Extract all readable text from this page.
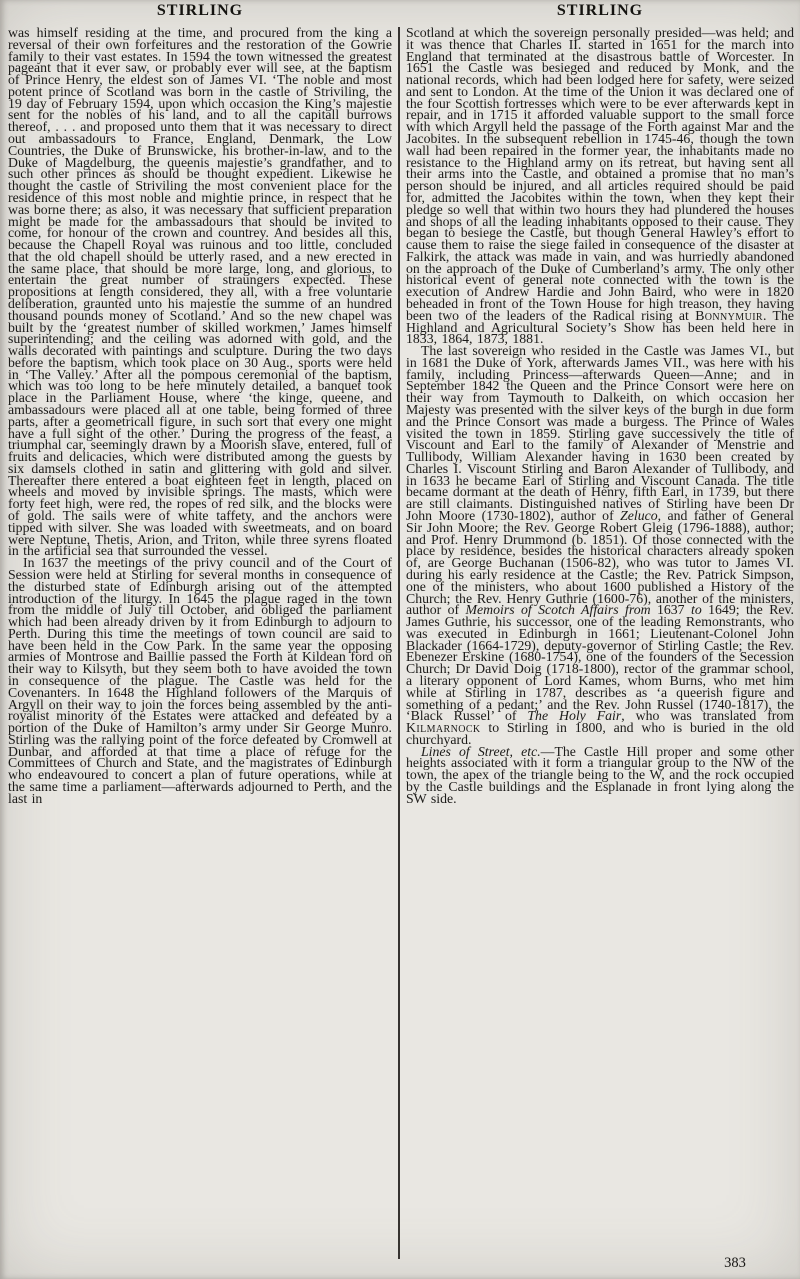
STIRLING	STIRLING

was himself residing at the time, and procured from the king a reversal of their own forfeitures and the restoration of the Gowrie family to their vast estates. In 1594 the town witnessed the greatest pageant that it ever saw, or probably ever will see, at the baptism of Prince Henry, the eldest son of James VI. ‘The noble and most potent prince of Scotland was born in the castle of Striviling, the 19 day of February 1594, upon which occasion the King’s majestie sent for the nobles of his land, and to all the capitall burrows thereof, . . . and proposed unto them that it was necessary to direct out ambassadours to France, England, Denmark, the Low Countries, the Duke of Brunswicke, his brother-in-law, and to the Duke of Magdelburg, the queenis majestie’s grandfather, and to such other princes as should be thought expedient. Likewise he thought the castle of Striviling the most convenient place for the residence of this most noble and mightie prince, in respect that he was borne there; as also, it was necessary that sufficient preparation might be made for the ambassadours that should be invited to come, for honour of the crown and countrey. And besides all this, because the Chapell Royal was ruinous and too little, concluded that the old chapell should be utterly rased, and a new erected in the same place, that should be more large, long, and glorious, to entertain the great number of straungers expected. These propositions at length considered, they all, with a free voluntarie deliberation, graunted unto his majestie the summe of an hundred thousand pounds money of Scotland.’ And so the new chapel was built by the ‘greatest number of skilled workmen,’ James himself superintending; and the ceiling was adorned with gold, and the walls decorated with paintings and sculpture. During the two days before the baptism, which took place on 30 Aug., sports were held in ‘The Valley.’ After all the pompous ceremonial of the baptism, which was too long to be here minutely detailed, a banquet took place in the Parliament House, where ‘the kinge, queene, and ambassadours were placed all at one table, being formed of three parts, after a geometricall figure, in such sort that every one might have a full sight of the other.’ During the progress of the feast, a triumphal car, seemingly drawn by a Moorish slave, entered, full of fruits and delicacies, which were distributed among the guests by six damsels clothed in satin and glittering with gold and silver. Thereafter there entered a boat eighteen feet in length, placed on wheels and moved by invisible springs. The masts, which were forty feet high, were red, the ropes of red silk, and the blocks were of gold. The sails were of white taffety, and the anchors were tipped with silver. She was loaded with sweetmeats, and on board were Neptune, Thetis, Arion, and Triton, while three syrens floated in the artificial sea that surrounded the vessel.

In 1637 the meetings of the privy council and of the Court of Session were held at Stirling for several months in consequence of the disturbed state of Edinburgh arising out of the attempted introduction of the liturgy. In 1645 the plague raged in the town from the middle of July till October, and obliged the parliament which had been already driven by it from Edinburgh to adjourn to Perth. During this time the meetings of town council are said to have been held in the Cow Park. In the same year the opposing armies of Montrose and Baillie passed the Forth at Kildean ford on their way to Kilsyth, but they seem both to have avoided the town in consequence of the plague. The Castle was held for the Covenanters. In 1648 the Highland followers of the Marquis of Argyll on their way to join the forces being assembled by the anti-royalist minority of the Estates were attacked and defeated by a portion of the Duke of Hamilton’s army under Sir George Munro. Stirling was the rallying point of the force defeated by Cromwell at Dunbar, and afforded at that time a place of refuge for the Committees of Church and State, and the magistrates of Edinburgh who endeavoured to concert a plan of future operations, while at the same time a parliament—afterwards adjourned to Perth, and the last in

Scotland at which the sovereign personally presided—was held; and it was thence that Charles II. started in 1651 for the march into England that terminated at the disastrous battle of Worcester. In 1651 the Castle was besieged and reduced by Monk, and the national records, which had been lodged here for safety, were seized and sent to London. At the time of the Union it was declared one of the four Scottish fortresses which were to be ever afterwards kept in repair, and in 1715 it afforded valuable support to the small force with which Argyll held the passage of the Forth against Mar and the Jacobites. In the subsequent rebellion in 1745-46, though the town wall had been repaired in the former year, the inhabitants made no resistance to the Highland army on its retreat, but having sent all their arms into the Castle, and obtained a promise that no man’s person should be injured, and all articles required should be paid for, admitted the Jacobites within the town, when they kept their pledge so well that within two hours they had plundered the houses and shops of all the leading inhabitants opposed to their cause. They began to besiege the Castle, but though General Hawley’s effort to cause them to raise the siege failed in consequence of the disaster at Falkirk, the attack was made in vain, and was hurriedly abandoned on the approach of the Duke of Cumberland’s army. The only other historical event of general note connected with the town is the execution of Andrew Hardie and John Baird, who were in 1820 beheaded in front of the Town House for high treason, they having been two of the leaders of the Radical rising at Bonnymuir. The Highland and Agricultural Society’s Show has been held here in 1833, 1864, 1873, 1881.

The last sovereign who resided in the Castle was James VI., but in 1681 the Duke of York, afterwards James VII., was here with his family, including Princess—afterwards Queen—Anne; and in September 1842 the Queen and the Prince Consort were here on their way from Taymouth to Dalkeith, on which occasion her Majesty was presented with the silver keys of the burgh in due form and the Prince Consort was made a burgess. The Prince of Wales visited the town in 1859. Stirling gave successively the title of Viscount and Earl to the family of Alexander of Menstrie and Tullibody, William Alexander having in 1630 been created by Charles I. Viscount Stirling and Baron Alexander of Tullibody, and in 1633 he became Earl of Stirling and Viscount Canada. The title became dormant at the death of Henry, fifth Earl, in 1739, but there are still claimants. Distinguished natives of Stirling have been Dr John Moore (1730-1802), author of Zeluco, and father of General Sir John Moore; the Rev. George Robert Gleig (1796-1888), author; and Prof. Henry Drummond (b. 1851). Of those connected with the place by residence, besides the historical characters already spoken of, are George Buchanan (1506-82), who was tutor to James VI. during his early residence at the Castle; the Rev. Patrick Simpson, one of the ministers, who about 1600 published a History of the Church; the Rev. Henry Guthrie (1600-76), another of the ministers, author of Memoirs of Scotch Affairs from 1637 to 1649; the Rev. James Guthrie, his successor, one of the leading Remonstrants, who was executed in Edinburgh in 1661; Lieutenant-Colonel John Blackader (1664-1729), deputy-governor of Stirling Castle; the Rev. Ebenezer Erskine (1680-1754), one of the founders of the Secession Church; Dr David Doig (1718-1800), rector of the grammar school, a literary opponent of Lord Kames, whom Burns, who met him while at Stirling in 1787, describes as ‘a queerish figure and something of a pedant;’ and the Rev. John Russel (1740-1817), the ‘Black Russel’ of The Holy Fair, who was translated from Kilmarnock to Stirling in 1800, and who is buried in the old churchyard.

Lines of Street, etc.—The Castle Hill proper and some other heights associated with it form a triangular group to the NW of the town, the apex of the triangle being to the W, and the rock occupied by the Castle buildings and the Esplanade in front lying along the SW side.

383
